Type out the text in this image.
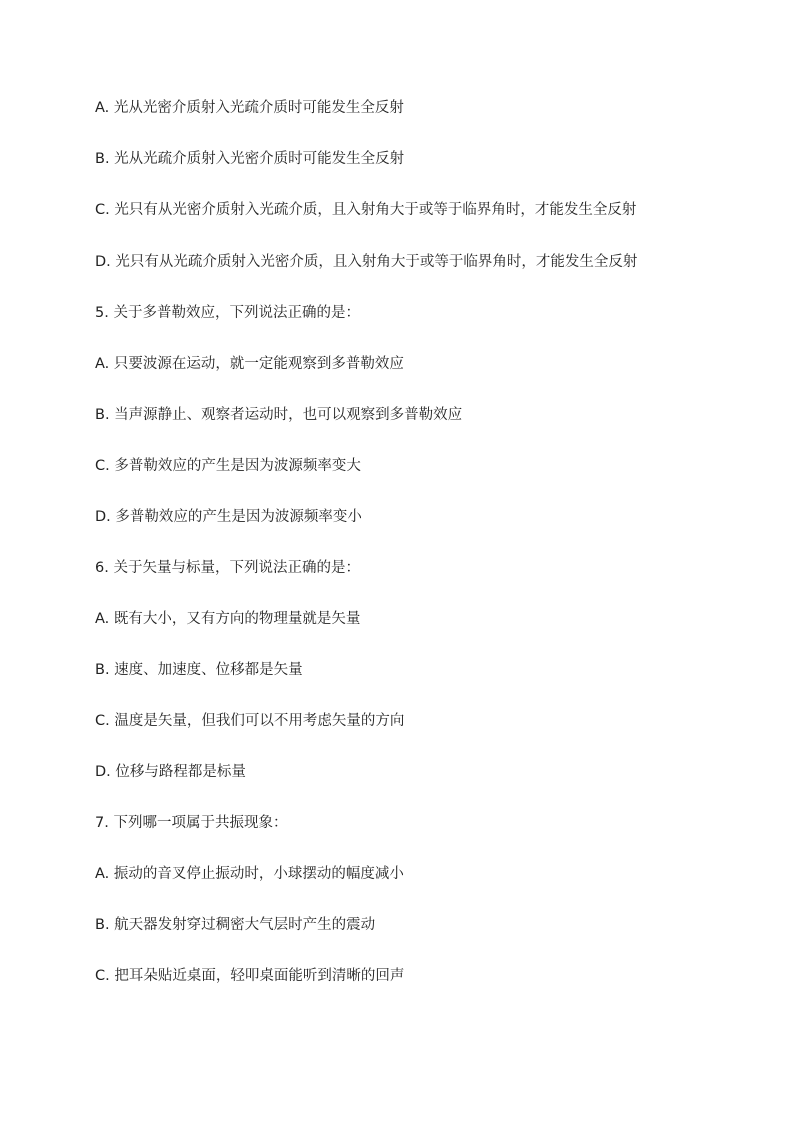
A. 光从光密介质射入光疏介质时可能发生全反射
B. 光从光疏介质射入光密介质时可能发生全反射
C. 光只有从光密介质射入光疏介质，且入射角大于或等于临界角时，才能发生全反射
D. 光只有从光疏介质射入光密介质，且入射角大于或等于临界角时，才能发生全反射
5. 关于多普勒效应，下列说法正确的是：
A. 只要波源在运动，就一定能观察到多普勒效应
B. 当声源静止、观察者运动时，也可以观察到多普勒效应
C. 多普勒效应的产生是因为波源频率变大
D. 多普勒效应的产生是因为波源频率变小
6. 关于矢量与标量，下列说法正确的是：
A. 既有大小，又有方向的物理量就是矢量
B. 速度、加速度、位移都是矢量
C. 温度是矢量，但我们可以不用考虑矢量的方向
D. 位移与路程都是标量
7. 下列哪一项属于共振现象：
A. 振动的音叉停止振动时，小球摆动的幅度减小
B. 航天器发射穿过稠密大气层时产生的震动
C. 把耳朵贴近桌面，轻叩桌面能听到清晰的回声
